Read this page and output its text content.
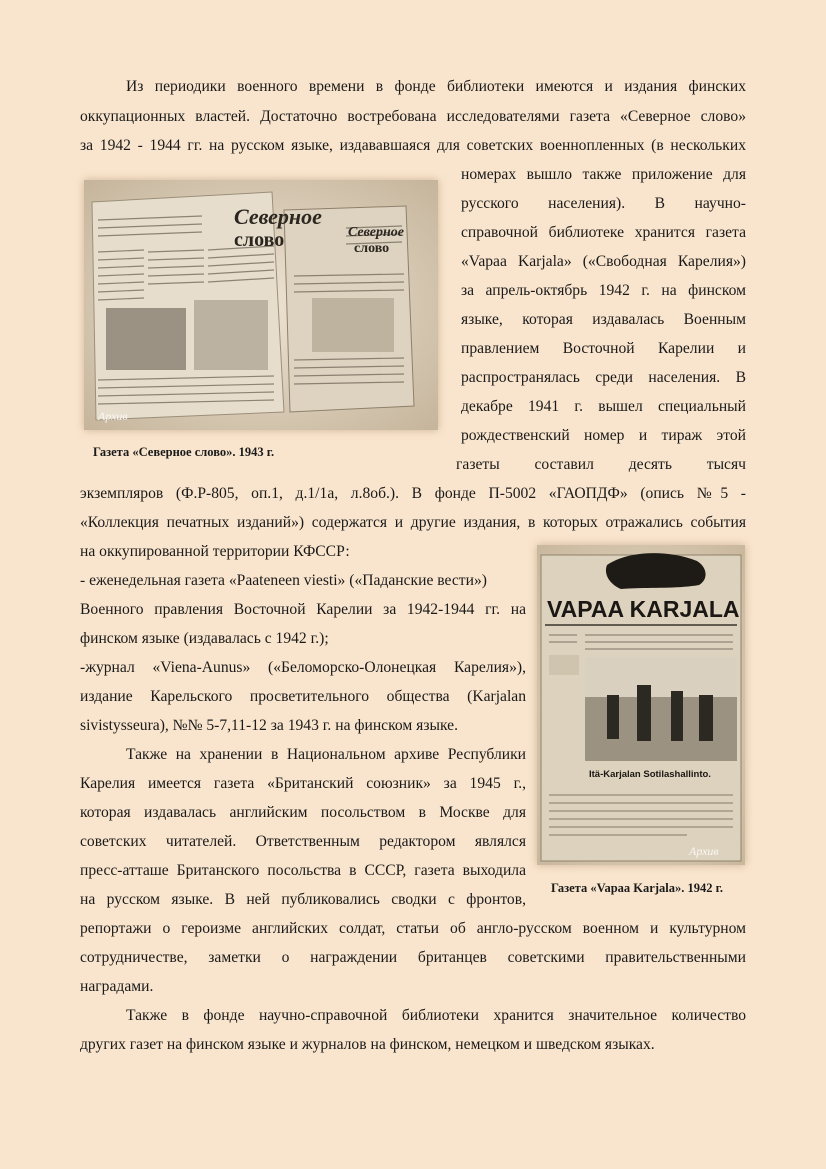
Из периодики военного времени в фонде библиотеки имеются и издания финских
оккупационных властей. Достаточно востребована исследователями газета «Северное слово»
за 1942 - 1944 гг. на русском языке, издававшаяся для советских военнопленных (в нескольких
номерах вышло также приложение для
русского населения). В научно-
справочной библиотеке хранится газета
«Vapaa Karjala» («Свободная Карелия»)
за апрель-октябрь 1942 г. на финском
языке, которая издавалась Военным
правлением Восточной Карелии и
распространялась среди населения. В
декабре 1941 г. вышел специальный
рождественский номер и тираж этой
газеты составил десять тысяч
экземпляров (Ф.Р-805, оп.1, д.1/1а, л.8об.). В фонде П-5002 «ГАОПДФ» (опись №5 -
«Коллекция печатных изданий») содержатся и другие издания, в которых отражались события
на оккупированной территории КФССР:
- еженедельная газета «Paateneen viesti» («Паданские вести»)
Военного правления Восточной Карелии за 1942-1944 гг. на
финском языке (издавалась с 1942 г.);
-журнал «Viena-Aunus» («Беломорско-Олонецкая Карелия»),
издание Карельского просветительного общества (Karjalan
sivistysseura), №№ 5-7,11-12 за 1943 г. на финском языке.
Также на хранении в Национальном архиве Республики
Карелия имеется газета «Британский союзник» за 1945 г.,
которая издавалась английским посольством в Москве для
советских читателей. Ответственным редактором являлся
пресс-атташе Британского посольства в СССР, газета выходила
на русском языке. В ней публиковались сводки с фронтов,
репортажи о героизме английских солдат, статьи об англо-русском военном и культурном
сотрудничестве, заметки о награждении британцев советскими правительственными
наградами.
Также в фонде научно-справочной библиотеки хранится значительное количество
других газет на финском языке и журналов на финском, немецком и шведском языках.
Северное
слово	Северное
слово
Архив
Газета «Северное слово». 1943 г.
VAPAA KARJALA
Itä-Karjalan Sotilashallinto.
Архив
Газета «Vapaa Karjala». 1942 г.
